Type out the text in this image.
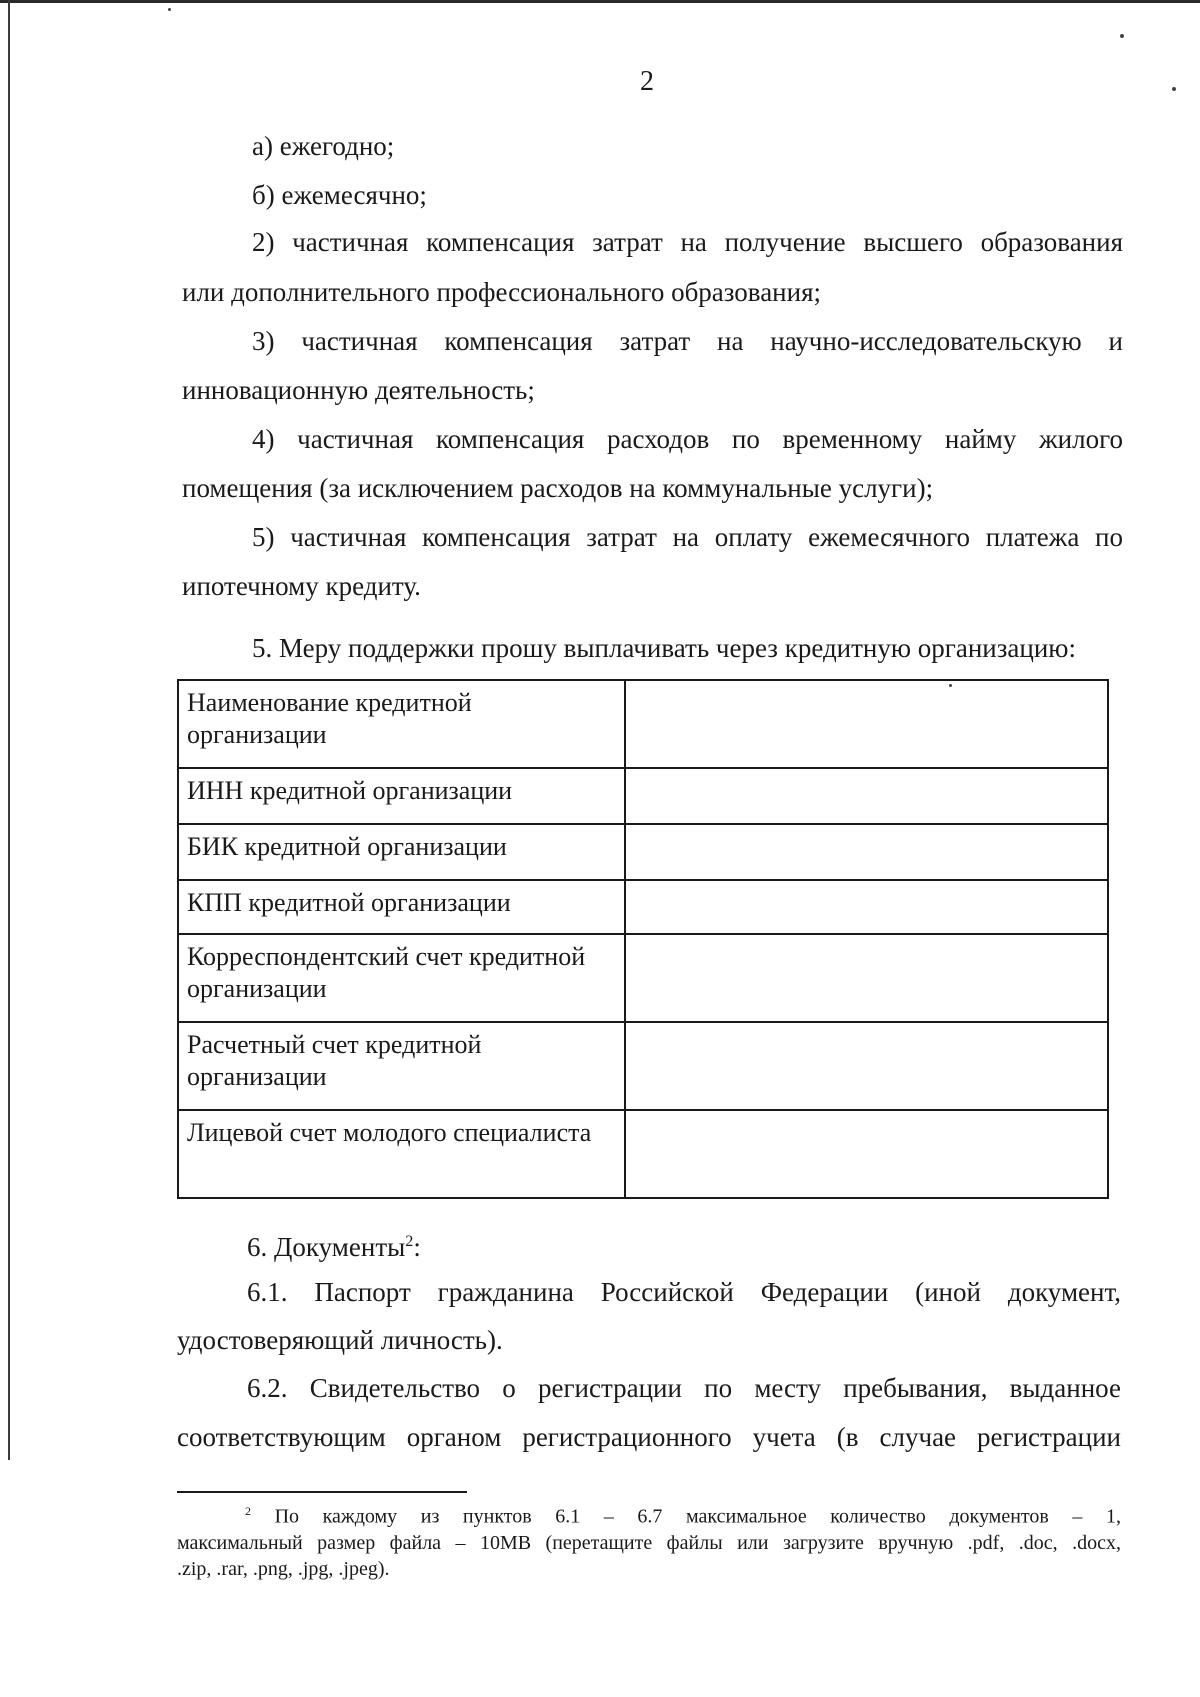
2
а) ежегодно;
б) ежемесячно;
2) частичная компенсация затрат на получение высшего образования
или дополнительного профессионального образования;
3) частичная компенсация затрат на научно-исследовательскую и
инновационную деятельность;
4) частичная компенсация расходов по временному найму жилого
помещения (за исключением расходов на коммунальные услуги);
5) частичная компенсация затрат на оплату ежемесячного платежа по
ипотечному кредиту.
5. Меру поддержки прошу выплачивать через кредитную организацию:
Наименование кредитной организации	
ИНН кредитной организации	
БИК кредитной организации	
КПП кредитной организации	
Корреспондентский счет кредитной организации	
Расчетный счет кредитной организации	
Лицевой счет молодого специалиста	
6. Документы$^2$:
6.1. Паспорт гражданина Российской Федерации (иной документ,
удостоверяющий личность).
6.2. Свидетельство о регистрации по месту пребывания, выданное
соответствующим органом регистрационного учета (в случае регистрации
$^2$ По каждому из пунктов 6.1 – 6.7 максимальное количество документов – 1,
максимальный размер файла – 10MB (перетащите файлы или загрузите вручную .pdf, .doc, .docx,
.zip, .rar, .png, .jpg, .jpeg).
